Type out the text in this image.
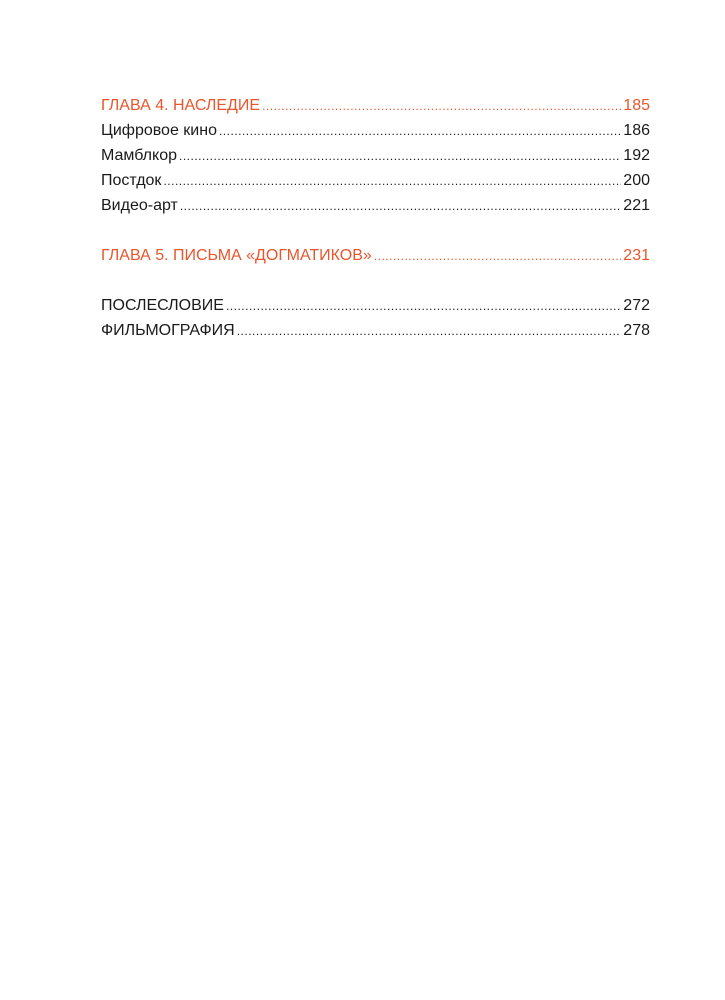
ГЛАВА 4. НАСЛЕДИЕ .....	185
Цифровое кино .....	186
Мамблкор .....	192
Постдок .....	200
Видео-арт .....	221
ГЛАВА 5. ПИСЬМА «ДОГМАТИКОВ» .....	231
ПОСЛЕСЛОВИЕ .....	272
ФИЛЬМОГРАФИЯ .....	278
